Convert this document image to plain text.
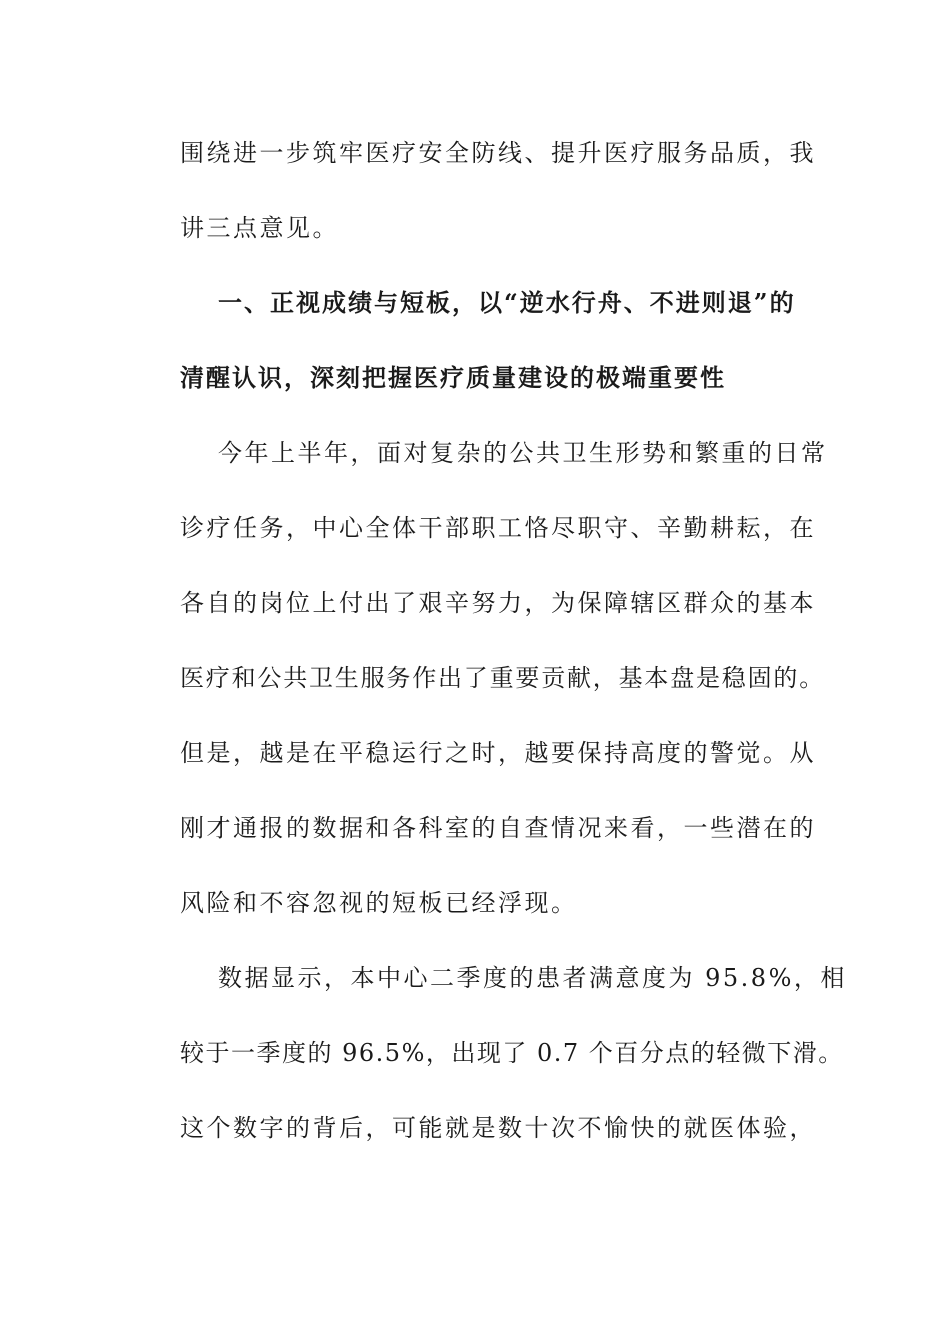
围绕进一步筑牢医疗安全防线、提升医疗服务品质，我
讲三点意见。
一、正视成绩与短板，以“逆水行舟、不进则退”的
清醒认识，深刻把握医疗质量建设的极端重要性
今年上半年，面对复杂的公共卫生形势和繁重的日常
诊疗任务，中心全体干部职工恪尽职守、辛勤耕耘，在
各自的岗位上付出了艰辛努力，为保障辖区群众的基本
医疗和公共卫生服务作出了重要贡献，基本盘是稳固的。
但是，越是在平稳运行之时，越要保持高度的警觉。从
刚才通报的数据和各科室的自查情况来看，一些潜在的
风险和不容忽视的短板已经浮现。
数据显示，本中心二季度的患者满意度为 95.8%，相
较于一季度的 96.5%，出现了 0.7 个百分点的轻微下滑。
这个数字的背后，可能就是数十次不愉快的就医体验，
